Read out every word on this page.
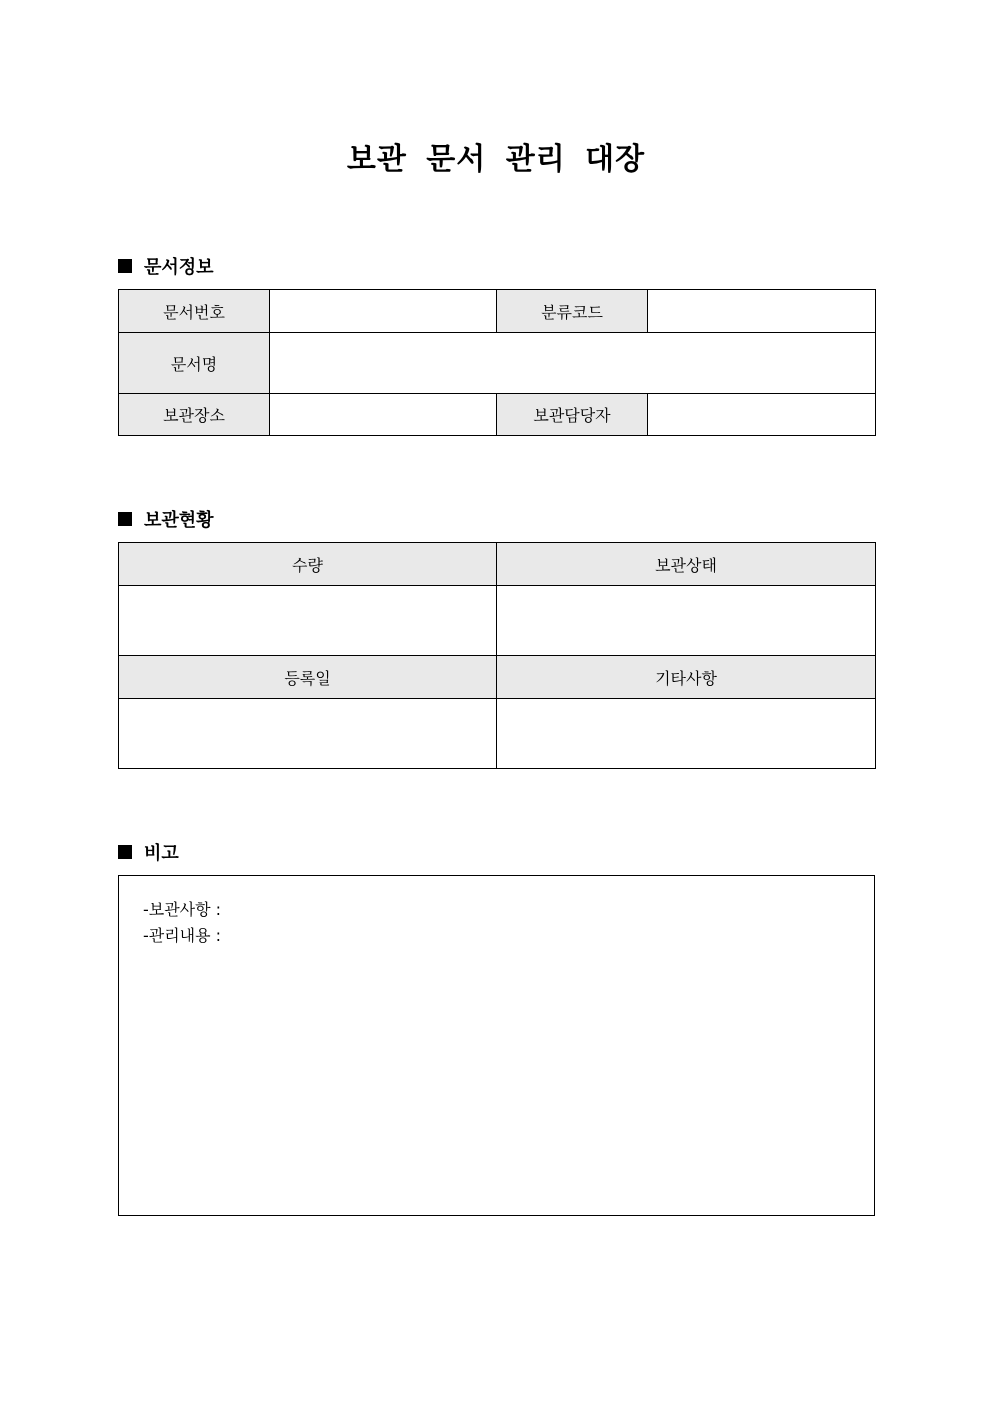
보관 문서 관리 대장
문서정보
문서번호		분류코드	
문서명			
보관장소		보관담당자	
보관현황
수량	보관상태

등록일	기타사항

비고
-보관사항 :
-관리내용 :
